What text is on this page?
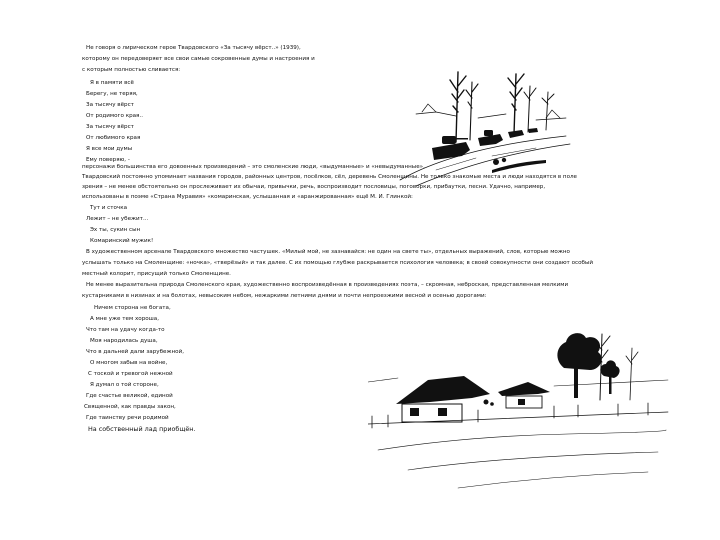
Не говоря о лирическом герое Твардовского «За тысячу вёрст..» (1939),
которому он передоверяет все свои самые сокровенные думы и настроения и
с которым полностью сливается:
Я в памяти всё
Берегу, не теряя,
За тысячу вёрст
От родимого края..
За тысячу вёрст
От любимого края
Я все мои думы
Ему поверяю, -
персонажи большинства его довоенных произведений – это смоленские люди, «выдуманные» и «невыдуманные».
Твардовский постоянно упоминает названия городов, районных центров, посёлков, сёл, деревень Смоленщины. Не только знакомые места и люди находятся в поле
зрения – не менее обстоятельно он прослеживает их обычаи, привычки, речь, воспроизводит пословицы, поговорки, прибаутки, песни. Удачно, например,
использованы в поэме «Страна Муравия» «комаринская, услышанная и «аранжированная» ещё М. И. Глинкой:
Тут и сточка
Лежит – не убежит...
Эх ты, сукин сын
Комаринский мужик!
В художественном арсенале Твардовского множество частушек. «Милый мой, не зазнавайся: не один на свете ты», отдельных выражений, слов, которые можно
услышать только на Смоленщине: «ночка», «тверёзый» и так далее. С их помощью глубже раскрывается психология человека; в своей совокупности они создают особый
местный колорит, присущий только Смоленщине.
Не менее выразительна природа Смоленского края, художественно воспроизведённая в произведениях поэта, – скромная, неброская, представленная мелкими
кустарниками в низинах и на болотах, невысоким небом, нежаркими летними днями и почти непроезжими весной и осенью дорогами:
Ничем сторона не богата,
А мне уже тем хороша,
Что там на удачу когда-то
Моя народилась душа,
Что в дальней дали зарубежной,
О многом забыв на войне,
С тоской и тревогой нежной
Я думал о той стороне,
Где счастье великой, единой
Священной, как правды закон,
Где таинству речи родимой
На собственный лад приобщён.
